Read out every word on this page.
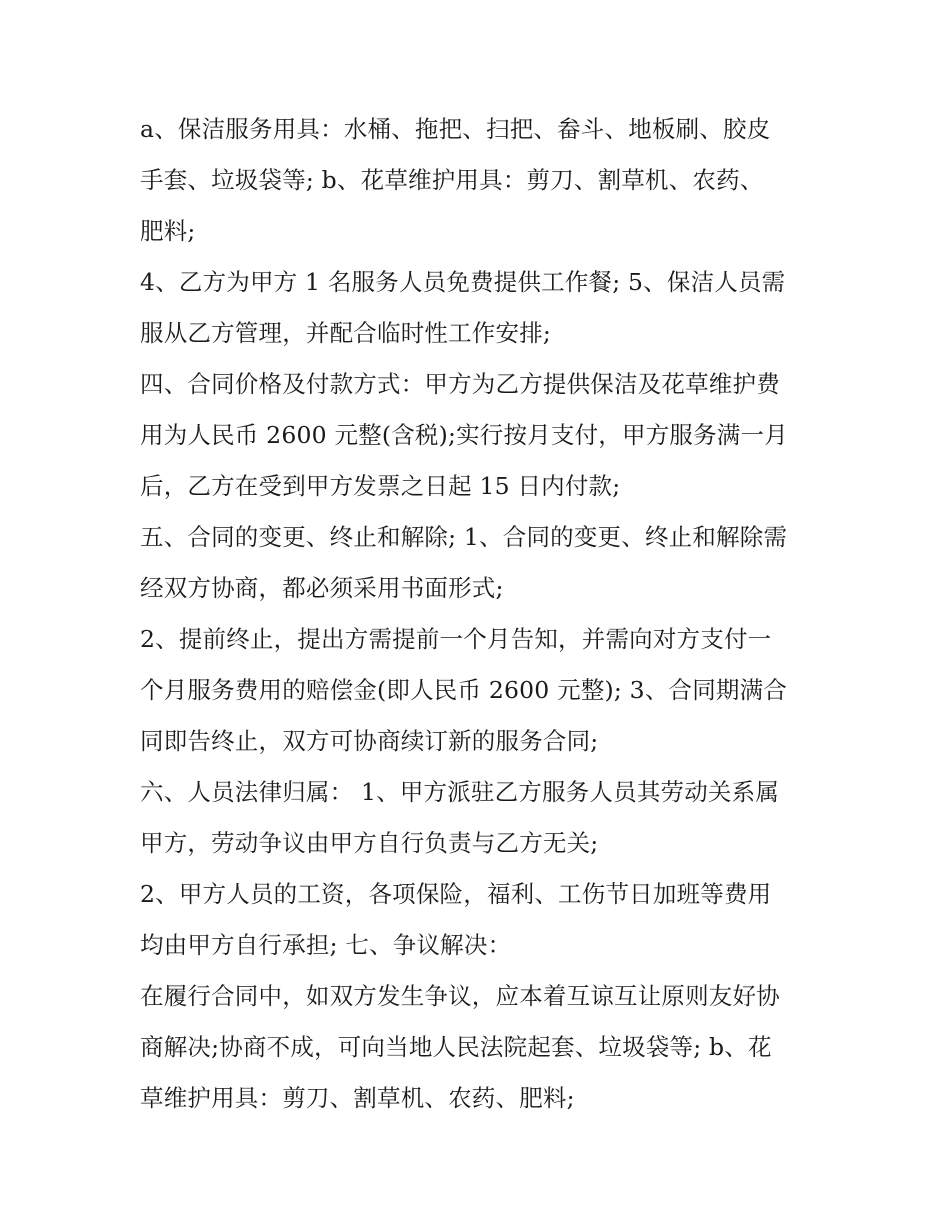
a、保洁服务用具：水桶、拖把、扫把、畚斗、地板刷、胶皮
手套、垃圾袋等; b、花草维护用具：剪刀、割草机、农药、
肥料;
4、乙方为甲方 1 名服务人员免费提供工作餐; 5、保洁人员需
服从乙方管理，并配合临时性工作安排;
四、合同价格及付款方式：甲方为乙方提供保洁及花草维护费
用为人民币 2600 元整(含税);实行按月支付，甲方服务满一月
后，乙方在受到甲方发票之日起 15 日内付款;
五、合同的变更、终止和解除; 1、合同的变更、终止和解除需
经双方协商，都必须采用书面形式;
2、提前终止，提出方需提前一个月告知，并需向对方支付一
个月服务费用的赔偿金(即人民币 2600 元整); 3、合同期满合
同即告终止，双方可协商续订新的服务合同;
六、人员法律归属： 1、甲方派驻乙方服务人员其劳动关系属
甲方，劳动争议由甲方自行负责与乙方无关;
2、甲方人员的工资，各项保险，福利、工伤节日加班等费用
均由甲方自行承担; 七、争议解决：
在履行合同中，如双方发生争议，应本着互谅互让原则友好协
商解决;协商不成，可向当地人民法院起套、垃圾袋等; b、花
草维护用具：剪刀、割草机、农药、肥料;
